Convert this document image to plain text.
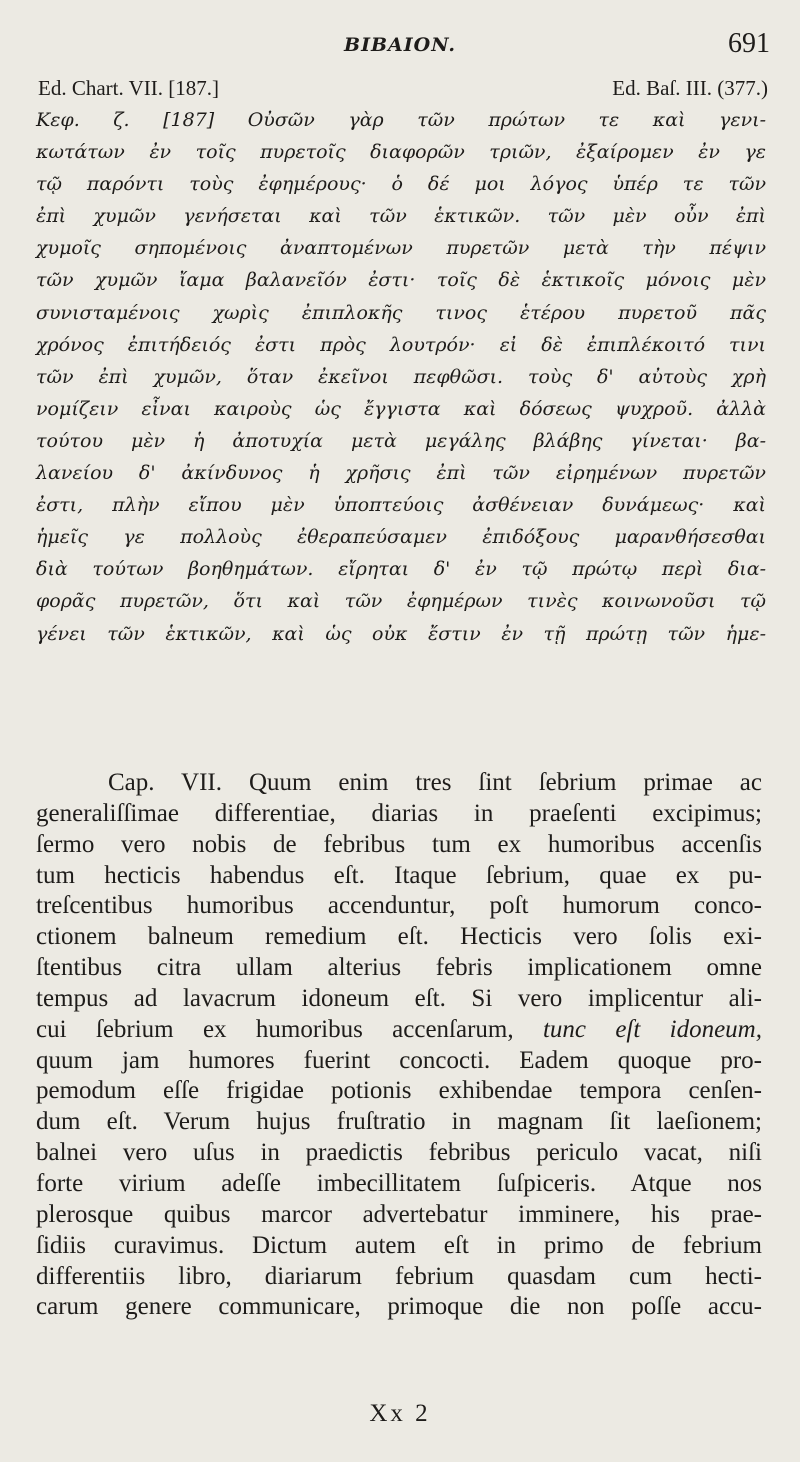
BIBAION.	691
Ed. Chart. VII. [187.]	Ed. Baſ. III. (377.)
Κεφ. ζ. [187] Οὐσῶν γὰρ τῶν πρώτων τε καὶ γενι-
κωτάτων ἐν τοῖς πυρετοῖς διαφορῶν τριῶν, ἐξαίρομεν ἐν γε
τῷ παρόντι τοὺς ἐφημέρους· ὁ δέ μοι λόγος ὑπέρ τε τῶν
ἐπὶ χυμῶν γενήσεται καὶ τῶν ἑκτικῶν. τῶν μὲν οὖν ἐπὶ
χυμοῖς σηπομένοις ἀναπτομένων πυρετῶν μετὰ τὴν πέψιν
τῶν χυμῶν ἴαμα βαλανεῖόν ἐστι· τοῖς δὲ ἑκτικοῖς μόνοις μὲν
συνισταμένοις χωρὶς ἐπιπλοκῆς τινος ἑτέρου πυρετοῦ πᾶς
χρόνος ἐπιτήδειός ἐστι πρὸς λουτρόν· εἰ δὲ ἐπιπλέκοιτό τινι
τῶν ἐπὶ χυμῶν, ὅταν ἐκεῖνοι πεφθῶσι. τοὺς δ' αὐτοὺς χρὴ
νομίζειν εἶναι καιροὺς ὡς ἔγγιστα καὶ δόσεως ψυχροῦ. ἀλλὰ
τούτου μὲν ἡ ἀποτυχία μετὰ μεγάλης βλάβης γίνεται· βα-
λανείου δ' ἀκίνδυνος ἡ χρῆσις ἐπὶ τῶν εἰρημένων πυρετῶν
ἐστι, πλὴν εἴπου μὲν ὑποπτεύοις ἀσθένειαν δυνάμεως· καὶ
ἡμεῖς γε πολλοὺς ἐθεραπεύσαμεν ἐπιδόξους μαρανθήσεσθαι
διὰ τούτων βοηθημάτων. εἴρηται δ' ἐν τῷ πρώτῳ περὶ δια-
φορᾶς πυρετῶν, ὅτι καὶ τῶν ἐφημέρων τινὲς κοινωνοῦσι τῷ
γένει τῶν ἑκτικῶν, καὶ ὡς οὐκ ἔστιν ἐν τῇ πρώτῃ τῶν ἡμε-
Cap. VII. Quum enim tres ſint ſebrium primae ac
generaliſſimae differentiae, diarias in praeſenti excipimus;
ſermo vero nobis de febribus tum ex humoribus accenſis
tum hecticis habendus eſt. Itaque ſebrium, quae ex pu-
treſcentibus humoribus accenduntur, poſt humorum conco-
ctionem balneum remedium eſt. Hecticis vero ſolis exi-
ſtentibus citra ullam alterius febris implicationem omne
tempus ad lavacrum idoneum eſt. Si vero implicentur ali-
cui ſebrium ex humoribus accenſarum, tunc eſt idoneum,
quum jam humores fuerint concocti. Eadem quoque pro-
pemodum eſſe frigidae potionis exhibendae tempora cenſen-
dum eſt. Verum hujus fruſtratio in magnam ſit laeſionem;
balnei vero uſus in praedictis febribus periculo vacat, niſi
forte virium adeſſe imbecillitatem ſuſpiceris. Atque nos
plerosque quibus marcor advertebatur imminere, his prae-
ſidiis curavimus. Dictum autem eſt in primo de febrium
differentiis libro, diariarum febrium quasdam cum hecti-
carum genere communicare, primoque die non poſſe accu-
Xx 2
